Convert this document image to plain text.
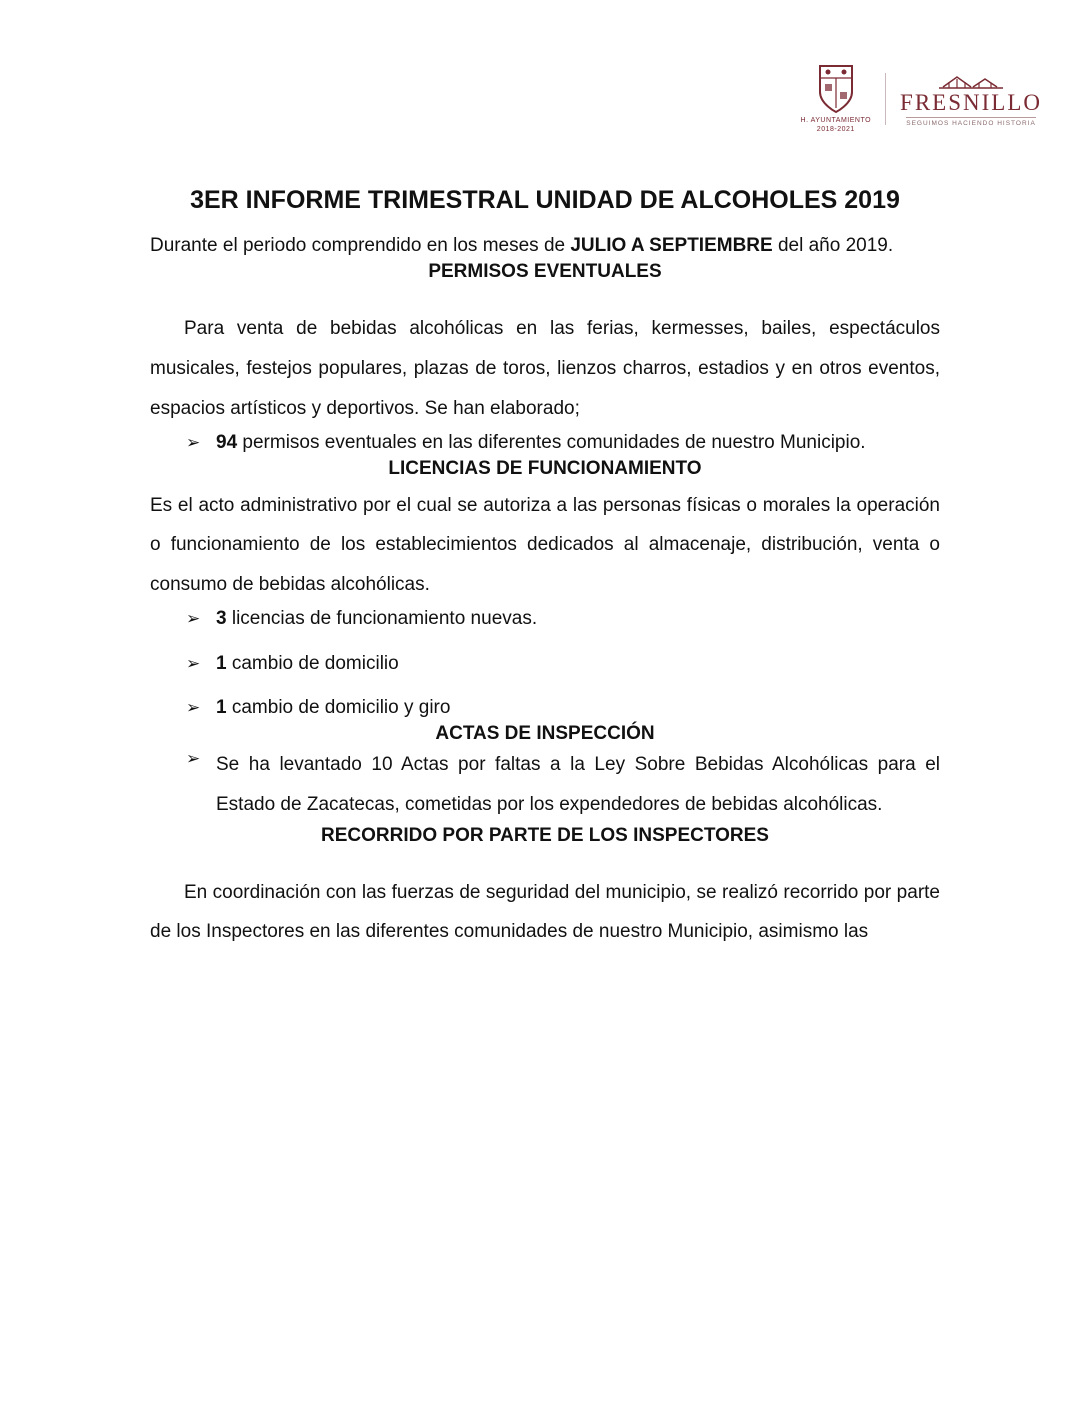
H. AYUNTAMIENTO
2018-2021
FRESNILLO
SEGUIMOS HACIENDO HISTORIA
3ER INFORME TRIMESTRAL UNIDAD DE ALCOHOLES 2019

Durante el periodo comprendido en los meses de JULIO A SEPTIEMBRE del año 2019.

PERMISOS EVENTUALES

Para venta de bebidas alcohólicas en las ferias, kermesses, bailes, espectáculos musicales, festejos populares, plazas de toros, lienzos charros, estadios y en otros eventos, espacios artísticos y deportivos. Se han elaborado;

➢ 94 permisos eventuales en las diferentes comunidades de nuestro Municipio.
LICENCIAS DE FUNCIONAMIENTO

Es el acto administrativo por el cual se autoriza a las personas físicas o morales la operación o funcionamiento de los establecimientos dedicados al almacenaje, distribución, venta o consumo de bebidas alcohólicas.

➢ 3 licencias de funcionamiento nuevas.
➢ 1 cambio de domicilio
➢ 1 cambio de domicilio y giro
ACTAS DE INSPECCIÓN
➢ Se ha levantado 10 Actas por faltas a la Ley Sobre Bebidas Alcohólicas para el Estado de Zacatecas, cometidas por los expendedores de bebidas alcohólicas.
RECORRIDO POR PARTE DE LOS INSPECTORES

En coordinación con las fuerzas de seguridad del municipio, se realizó recorrido por parte de los Inspectores en las diferentes comunidades de nuestro Municipio, asimismo las
